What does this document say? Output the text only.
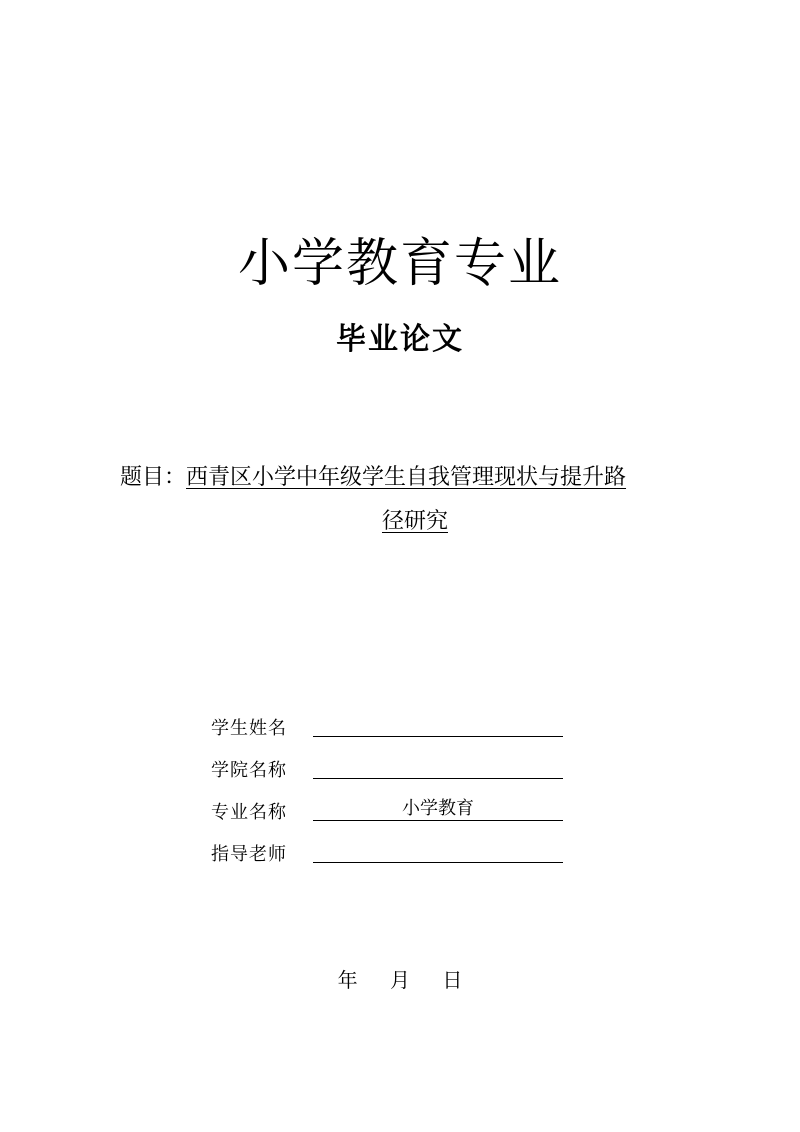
小学教育专业
毕业论文
题目：西青区小学中年级学生自我管理现状与提升路
径研究
学生姓名
学院名称
专业名称	小学教育
指导老师
年 月 日
